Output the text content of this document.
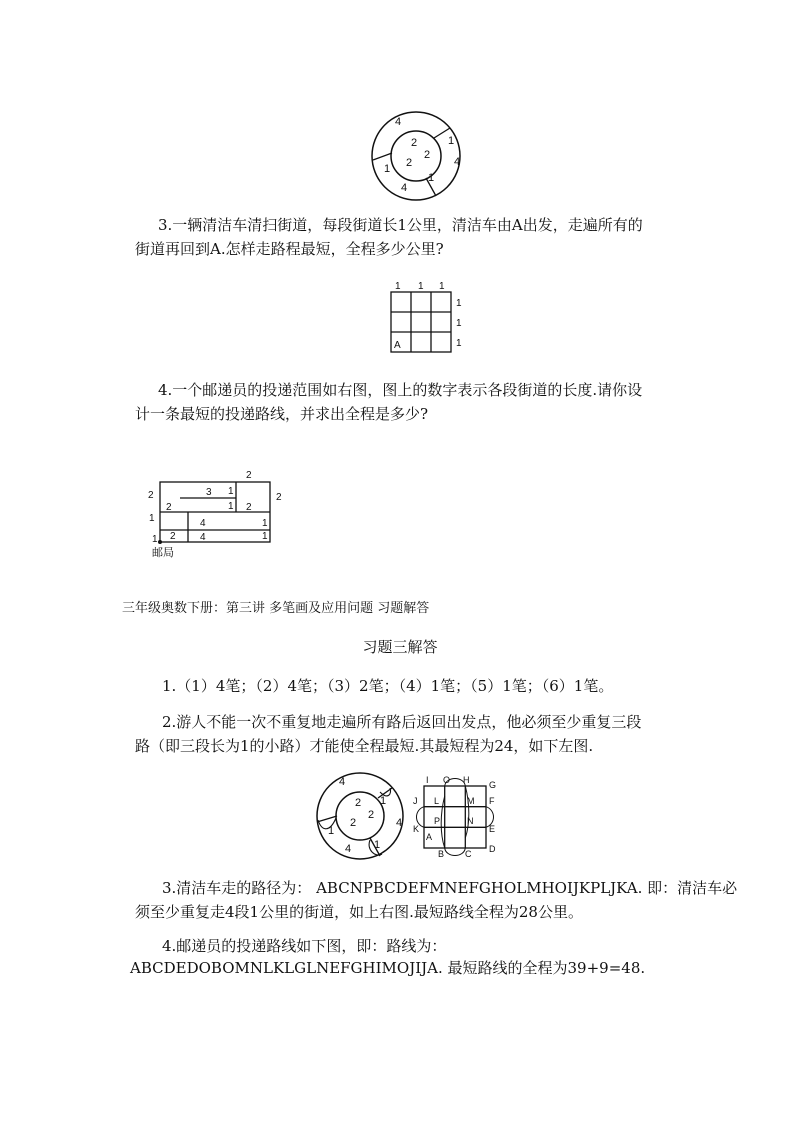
4
1
4
4
2
2
2
1
1
3.一辆清洁车清扫街道，每段街道长1公里，清洁车由A出发，走遍所有的
街道再回到A.怎样走路程最短，全程多少公里?
1 1 1
1
1
1
A
4.一个邮递员的投递范围如右图，图上的数字表示各段街道的长度.请你设
计一条最短的投递路线，并求出全程是多少?
2
2	2
3 1
2	1 2
1	4	1
2 4	1
1
邮局
三年级奥数下册：第三讲 多笔画及应用问题 习题解答
习题三解答
1.（1）4笔；（2）4笔；（3）2笔；（4）1笔；（5）1笔；（6）1笔。
2.游人不能一次不重复地走遍所有路后返回出发点，他必须至少重复三段
路（即三段长为1的小路）才能使全程最短.其最短程为24，如下左图.
4
1
4
4
2
2
2
1
1
I O H G
J L	M F
P	N
K	E
A
B C D
3.清洁车走的路径为： ABCNPBCDEFMNEFGHOLMHOIJKPLJKA. 即：清洁车必
须至少重复走4段1公里的街道，如上右图.最短路线全程为28公里。
4.邮递员的投递路线如下图，即：路线为：
ABCDEDOBOMNLKLGLNEFGHIMOJIJA. 最短路线的全程为39+9=48.
